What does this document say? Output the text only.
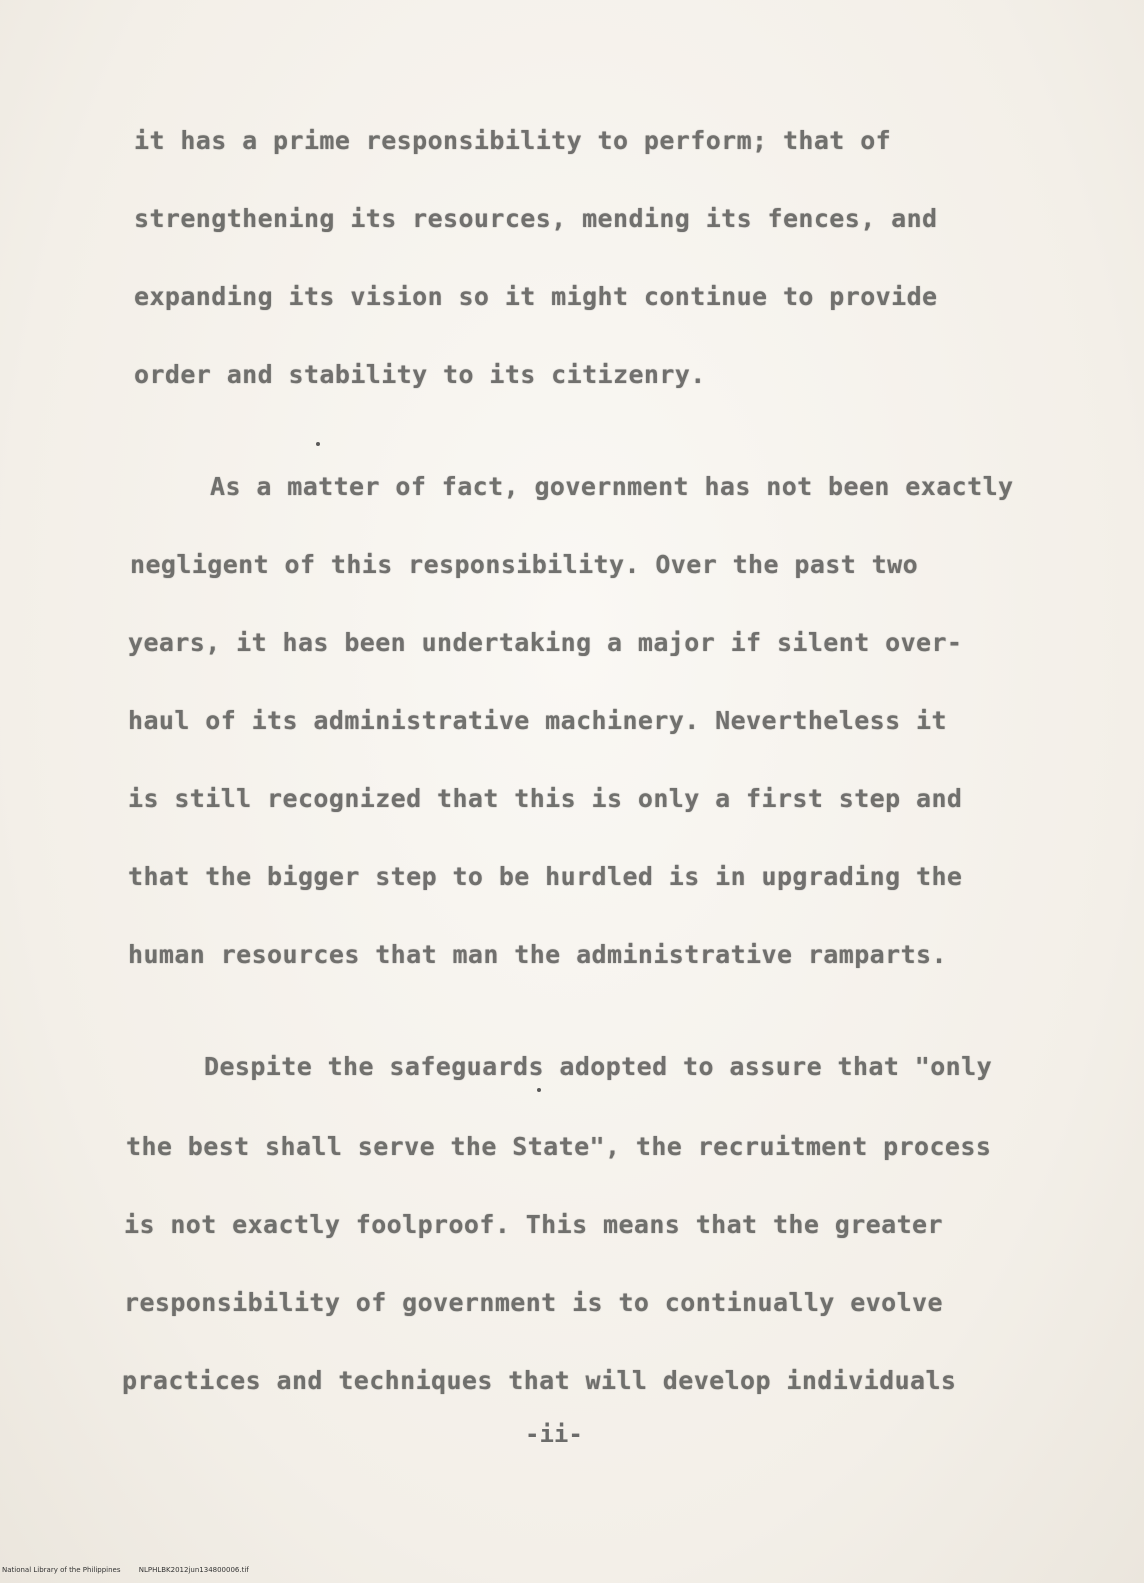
it has a prime responsibility to perform; that of
strengthening its resources, mending its fences, and
expanding its vision so it might continue to provide
order and stability to its citizenry.
As a matter of fact, government has not been exactly
negligent of this responsibility. Over the past two
years, it has been undertaking a major if silent over-
haul of its administrative machinery. Nevertheless it
is still recognized that this is only a first step and
that the bigger step to be hurdled is in upgrading the
human resources that man the administrative ramparts.
Despite the safeguards adopted to assure that "only
the best shall serve the State", the recruitment process
is not exactly foolproof. This means that the greater
responsibility of government is to continually evolve
practices and techniques that will develop individuals
-ii-
National Library of the Philippines	NLPHLBK2012jun134800006.tif
